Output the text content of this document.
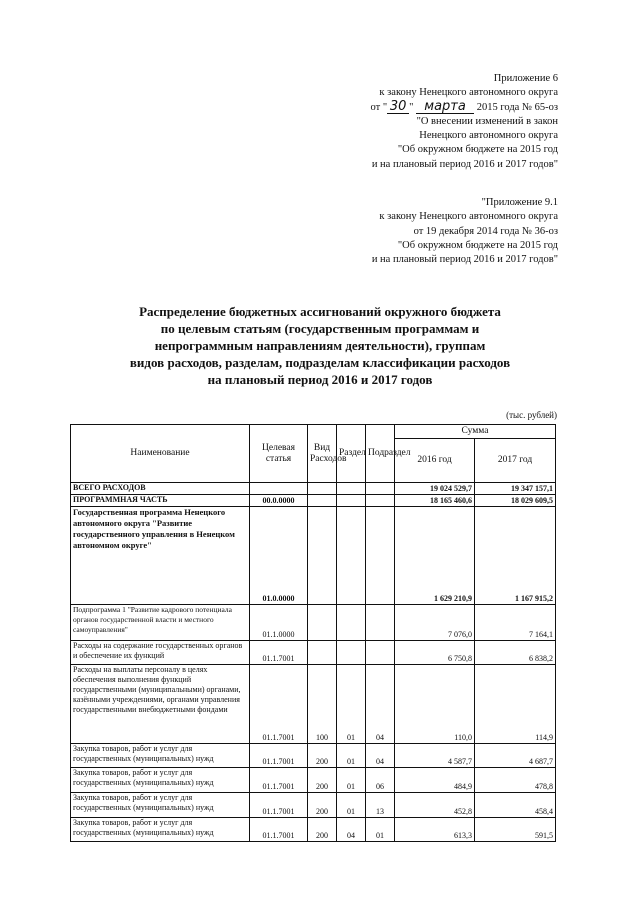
Приложение 6
к закону Ненецкого автономного округа
от " 30 " марта 2015 года № 65-оз
"О внесении изменений в закон
Ненецкого автономного округа
"Об окружном бюджете на 2015 год
и на плановый период 2016 и 2017 годов"
"Приложение 9.1
к закону Ненецкого автономного округа
от 19 декабря 2014 года № 36-оз
"Об окружном бюджете на 2015 год
и на плановый период 2016 и 2017 годов"
Распределение бюджетных ассигнований окружного бюджета
по целевым статьям (государственным программам и
непрограммным направлениям деятельности), группам
видов расходов, разделам, подразделам классификации расходов
на плановый период 2016 и 2017 годов
(тыс. рублей)
Наименование	Целевая статья	Вид Расходов	Раздел	Подраздел	Сумма	
					2016 год	2017 год
ВСЕГО РАСХОДОВ					19 024 529,7	19 347 157,1
ПРОГРАММНАЯ ЧАСТЬ	00.0.0000				18 165 460,6	18 029 609,5
Государственная программа Ненецкого автономного округа "Развитие государственного управления в Ненецком автономном округе"	01.0.0000				1 629 210,9	1 167 915,2
Подпрограмма 1 "Развитие кадрового потенциала органов государственной власти и местного самоуправления"	01.1.0000				7 076,0	7 164,1
Расходы на содержание государственных органов и обеспечение их функций	01.1.7001				6 750,8	6 838,2
Расходы на выплаты персоналу в целях обеспечения выполнения функций государственными (муниципальными) органами, казёнными учреждениями, органами управления государственными внебюджетными фондами	01.1.7001	100	01	04	110,0	114,9
Закупка товаров, работ и услуг для государственных (муниципальных) нужд	01.1.7001	200	01	04	4 587,7	4 687,7
Закупка товаров, работ и услуг для государственных (муниципальных) нужд	01.1.7001	200	01	06	484,9	478,8
Закупка товаров, работ и услуг для государственных (муниципальных) нужд	01.1.7001	200	01	13	452,8	458,4
Закупка товаров, работ и услуг для государственных (муниципальных) нужд	01.1.7001	200	04	01	613,3	591,5
